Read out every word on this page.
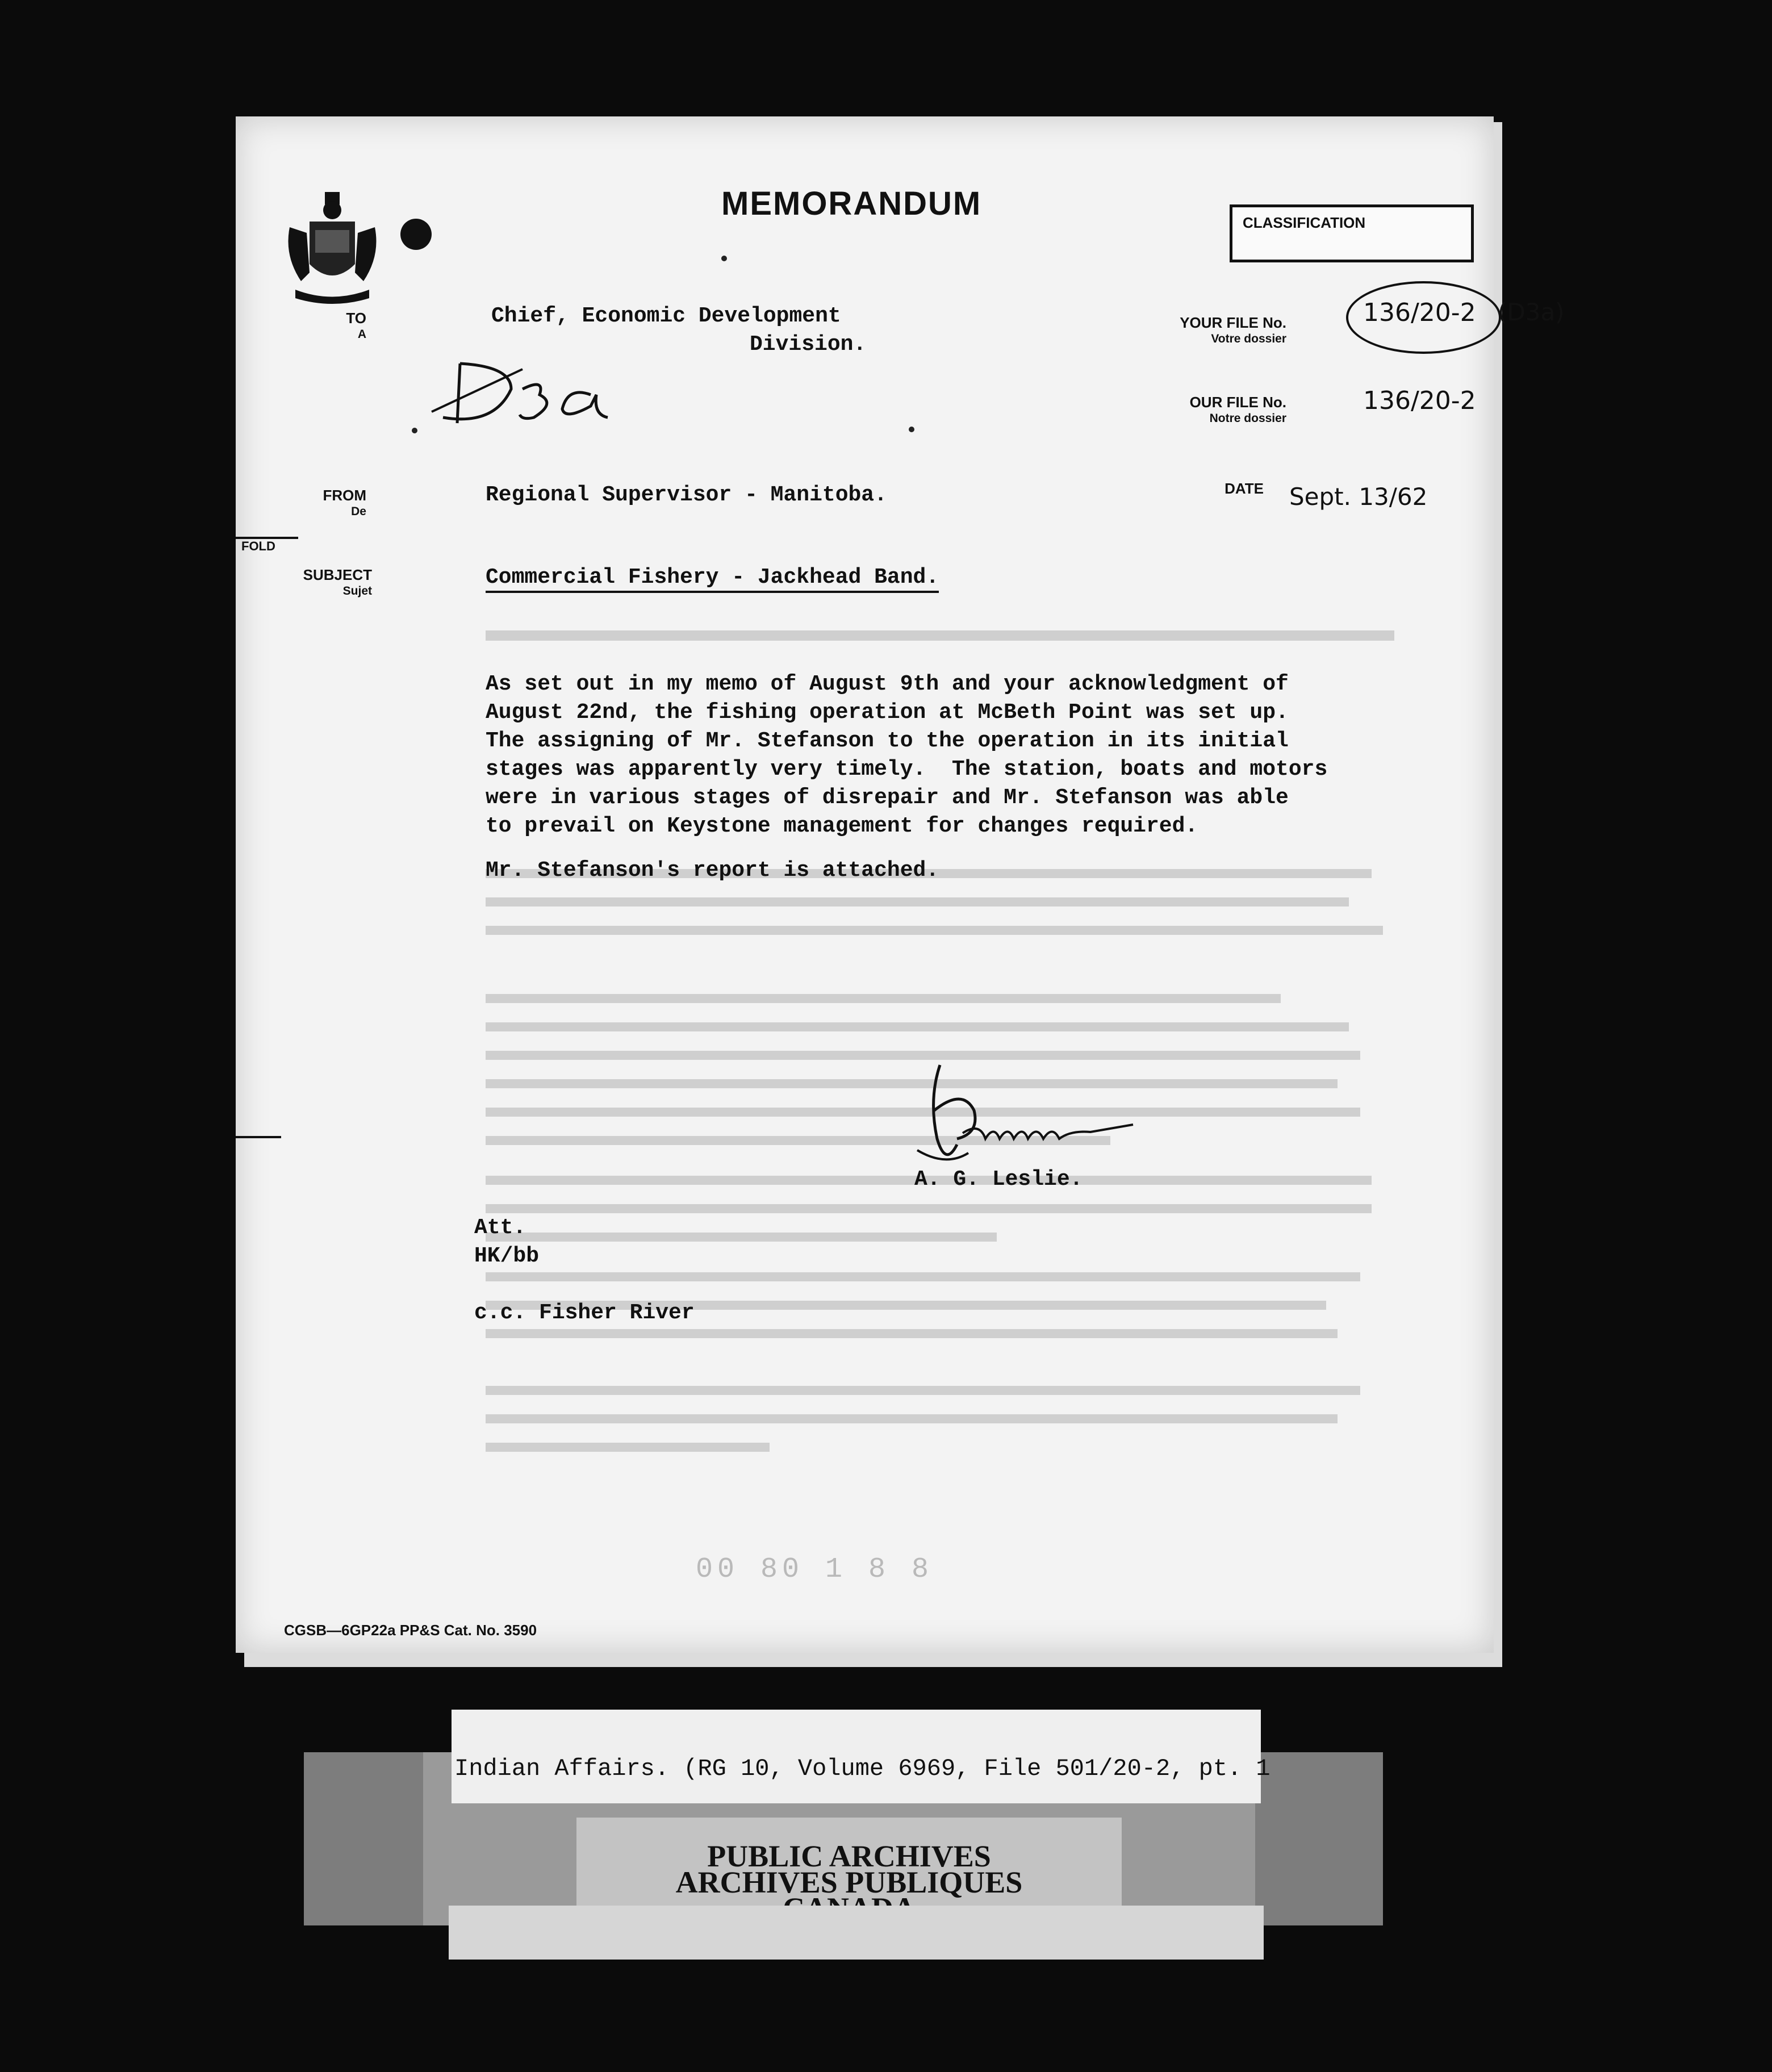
MEMORANDUM
CLASSIFICATION
TO
A
Chief, Economic Development
Division.
YOUR FILE No.
Votre dossier
136/20-2 (D3a)
OUR FILE No.
Notre dossier
136/20-2
FROM
De
Regional Supervisor - Manitoba.	DATE Sept. 13/62
FOLD
SUBJECT
Sujet
Commercial Fishery - Jackhead Band.
As set out in my memo of August 9th and your acknowledgment of
August 22nd, the fishing operation at McBeth Point was set up.
The assigning of Mr. Stefanson to the operation in its initial
stages was apparently very timely.  The station, boats and motors
were in various stages of disrepair and Mr. Stefanson was able
to prevail on Keystone management for changes required.
Mr. Stefanson's report is attached.
A. G. Leslie.
Att.
HK/bb
c.c. Fisher River
00 80 1 8 8
CGSB—6GP22a PP&S Cat. No. 3590
Indian Affairs. (RG 10, Volume 6969, File 501/20-2, pt. 1
PUBLIC ARCHIVES
ARCHIVES PUBLIQUES
